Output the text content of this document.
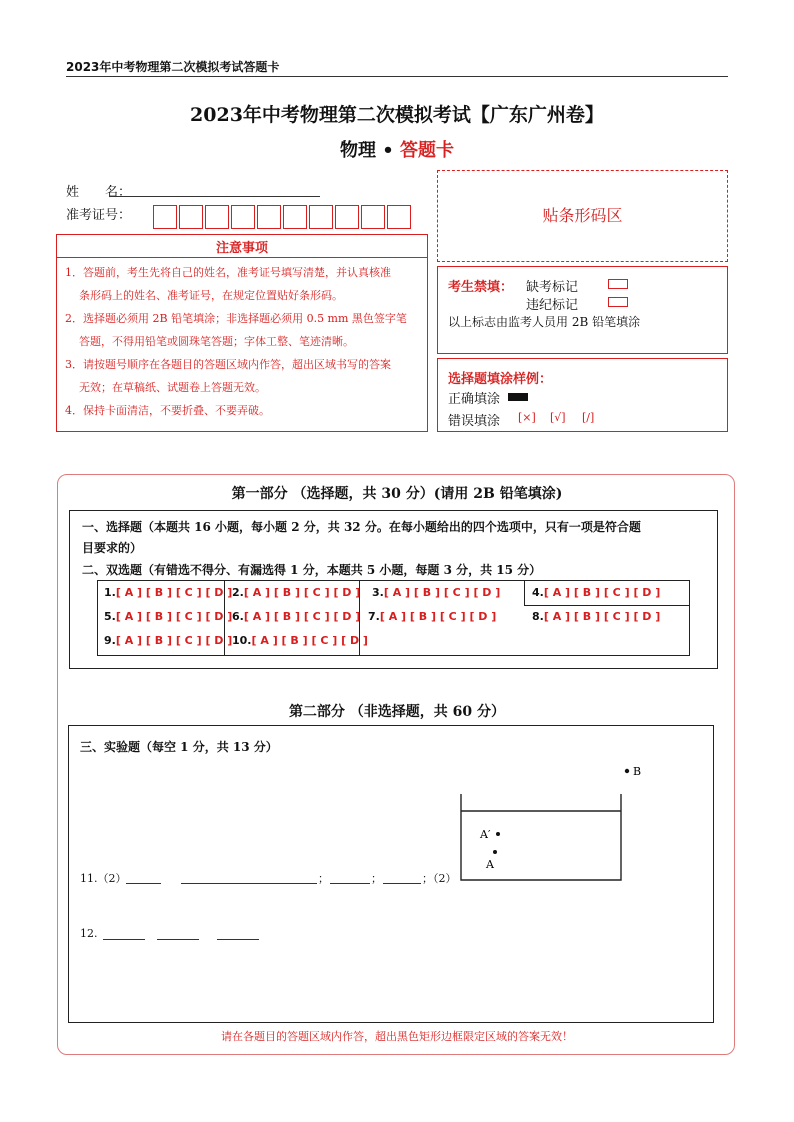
2023年中考物理第二次模拟考试答题卡
2023年中考物理第二次模拟考试【广东广州卷】
物理 • 答题卡
姓　　名：
准考证号：	贴条形码区
注意事项

1．答题前，考生先将自己的姓名，准考证号填写清楚，并认真核准

条形码上的姓名、准考证号，在规定位置贴好条形码。

2．选择题必须用 2B 铅笔填涂；非选择题必须用 0.5 mm 黑色签字笔

答题，不得用铅笔或圆珠笔答题；字体工整、笔迹清晰。

3．请按题号顺序在各题目的答题区域内作答，超出区域书写的答案

无效；在草稿纸、试题卷上答题无效。

4．保持卡面清洁，不要折叠、不要弄破。

考生禁填： 缺考标记
违纪标记
以上标志由监考人员用 2B 铅笔填涂
选择题填涂样例：
正确填涂
错误填涂 [×] [√] [/]
第一部分 （选择题，共 30 分）(请用 2B 铅笔填涂)
一、选择题（本题共 16 小题，每小题 2 分，共 32 分。在每小题给出的四个选项中，只有一项是符合题
目要求的）
二、双选题（有错选不得分、有漏选得 1 分，本题共 5 小题，每题 3 分，共 15 分）
1.[ A ] [ B ] [ C ] [ D ] 2.[ A ] [ B ] [ C ] [ D ] 3.[ A ] [ B ] [ C ] [ D ]	4.[ A ] [ B ] [ C ] [ D ]
5.[ A ] [ B ] [ C ] [ D ] 6.[ A ] [ B ] [ C ] [ D ] 7.[ A ] [ B ] [ C ] [ D ]	8.[ A ] [ B ] [ C ] [ D ]
9.[ A ] [ B ] [ C ] [ D ] 10.[ A ] [ B ] [ C ] [ D ]
第二部分 （非选择题，共 60 分）
三、实验题（每空 1 分，共 13 分）
B
A′
A
11.（2）	；	；	；（2）
12.
请在各题目的答题区域内作答，超出黑色矩形边框限定区域的答案无效！
